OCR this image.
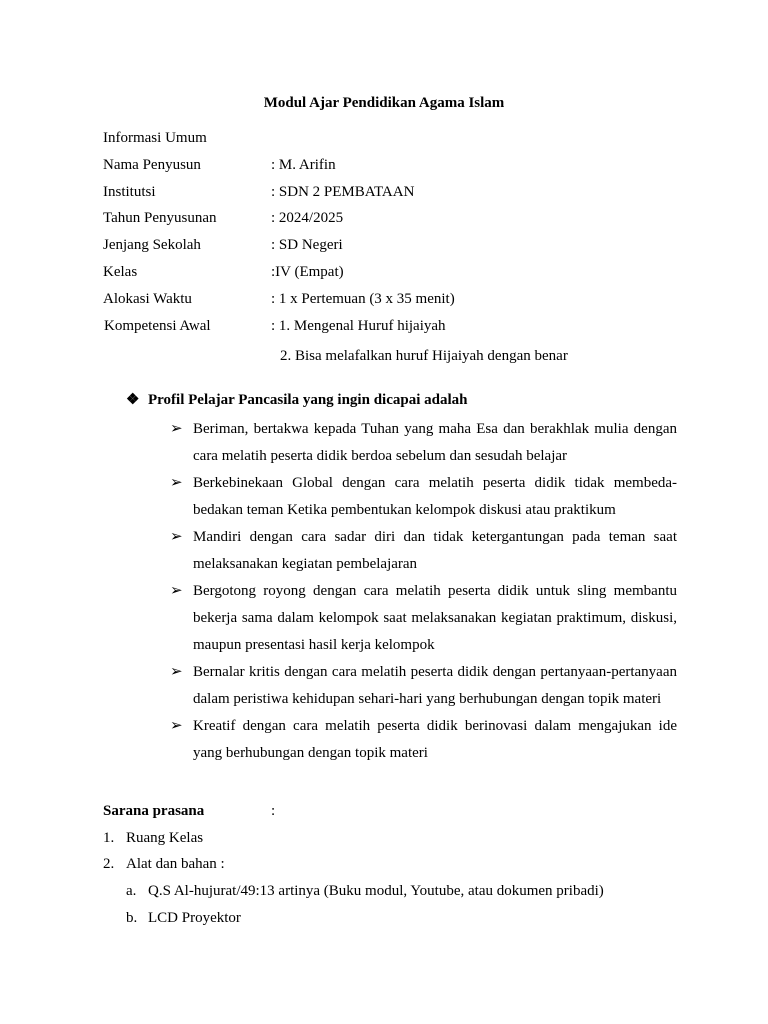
Modul Ajar Pendidikan Agama Islam
Informasi Umum
Nama Penyusun	: M. Arifin
Institutsi	: SDN 2 PEMBATAAN
Tahun Penyusunan	: 2024/2025
Jenjang Sekolah	: SD Negeri
Kelas	:IV (Empat)
Alokasi Waktu	: 1 x Pertemuan (3 x 35 menit)
Kompetensi Awal	: 1. Mengenal Huruf hijaiyah
2. Bisa melafalkan huruf Hijaiyah dengan benar
❖ Profil Pelajar Pancasila yang ingin dicapai adalah
➢ Beriman, bertakwa kepada Tuhan yang maha Esa dan berakhlak mulia dengan cara melatih peserta didik berdoa sebelum dan sesudah belajar
➢ Berkebinekaan Global dengan cara melatih peserta didik tidak membeda-bedakan teman Ketika pembentukan kelompok diskusi atau praktikum
➢ Mandiri dengan cara sadar diri dan tidak ketergantungan pada teman saat melaksanakan kegiatan pembelajaran
➢ Bergotong royong dengan cara melatih peserta didik untuk sling membantu bekerja sama dalam kelompok saat melaksanakan kegiatan praktimum, diskusi, maupun presentasi hasil kerja kelompok
➢ Bernalar kritis dengan cara melatih peserta didik dengan pertanyaan-pertanyaan dalam peristiwa kehidupan sehari-hari yang berhubungan dengan topik materi
➢ Kreatif dengan cara melatih peserta didik berinovasi dalam mengajukan ide yang berhubungan dengan topik materi
Sarana prasana	:
1. Ruang Kelas
2. Alat dan bahan :
a. Q.S Al-hujurat/49:13 artinya (Buku modul, Youtube, atau dokumen pribadi)
b. LCD Proyektor
